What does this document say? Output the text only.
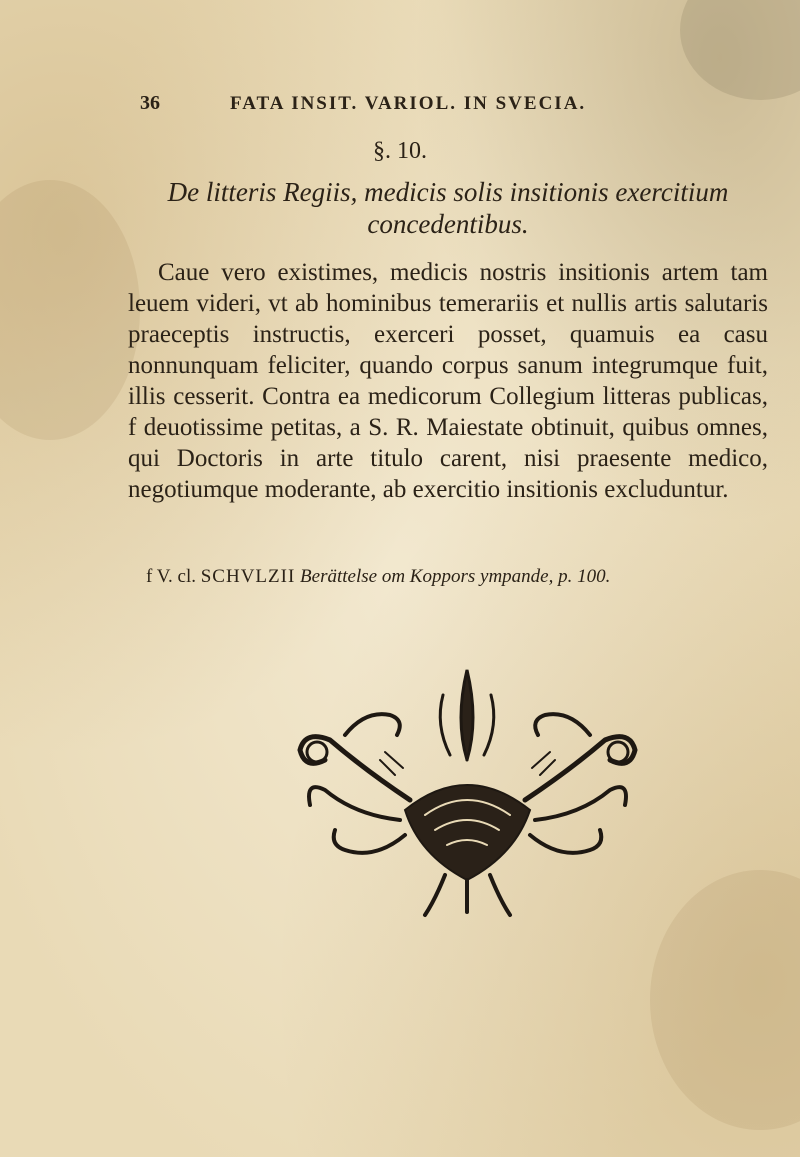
36	FATA INSIT. VARIOL. IN SVECIA.
§. 10.
De litteris Regiis, medicis solis insitionis exercitium concedentibus.

Caue vero existimes, medicis nostris insitionis artem tam leuem videri, vt ab hominibus temerariis et nullis artis salutaris praeceptis instructis, exerceri posset, quamuis ea casu nonnunquam feliciter, quando corpus sanum integrumque fuit, illis cesserit. Contra ea medicorum Collegium litteras publicas, f deuotissime petitas, a S. R. Maiestate obtinuit, quibus omnes, qui Doctoris in arte titulo carent, nisi praesente medico, negotiumque moderante, ab exercitio insitionis excluduntur.

f V. cl. SCHVLZII Berättelse om Koppors ympande, p. 100.
